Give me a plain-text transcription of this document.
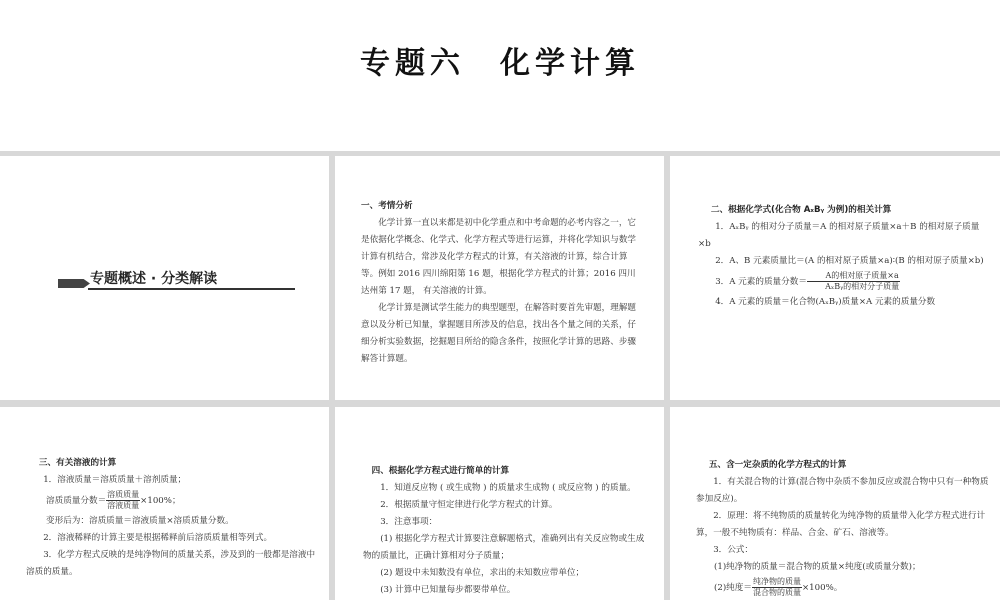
专题六　化学计算
专题概述 · 分类解读
一、考情分析
化学计算一直以来都是初中化学重点和中考命题的必考内容之一，它是依据化学概念、化学式、化学方程式等进行运算，并将化学知识与数学计算有机结合，常涉及化学方程式的计算，有关溶液的计算，综合计算等。例如 2016 四川绵阳第 16 题，根据化学方程式的计算；2016 四川达州第 17 题， 有关溶液的计算。
化学计算是测试学生能力的典型题型，在解答时要首先审题，理解题意以及分析已知量，掌握题目所涉及的信息，找出各个量之间的关系，仔细分析实验数据，挖掘题目所给的隐含条件，按照化学计算的思路、步骤解答计算题。
二、根据化学式(化合物 AₓBᵧ 为例)的相关计算
1．AₓBᵧ 的相对分子质量＝A 的相对原子质量×a＋B 的相对原子质量×b
2．A、B 元素质量比＝(A 的相对原子质量×a)∶(B 的相对原子质量×b)
3．A 元素的质量分数＝ $\frac{\text{A的相对原子质量×a}}{\text{AₓBᵧ的相对分子质量}}$
4．A 元素的质量＝化合物(AₓBᵧ)质量×A 元素的质量分数
三、有关溶液的计算
1．溶液质量＝溶质质量＋溶剂质量；
溶质质量分数＝ $\frac{\text{溶质质量}}{\text{溶液质量}} \times 100\%$；
变形后为：溶质质量＝溶液质量×溶质质量分数。
2．溶液稀释的计算主要是根据稀释前后溶质质量相等列式。
3．化学方程式反映的是纯净物间的质量关系，涉及到的一般都是溶液中溶质的质量。
四、根据化学方程式进行简单的计算
1．知道反应物 ( 或生成物 ) 的质量求生成物 ( 或反应物 ) 的质量。
2．根据质量守恒定律进行化学方程式的计算。
3．注意事项：
(1) 根据化学方程式计算要注意解题格式，准确列出有关反应物或生成物的质量比，正确计算相对分子质量；
(2) 题设中未知数没有单位，求出的未知数应带单位；
(3) 计算中已知量每步都要带单位。
五、含一定杂质的化学方程式的计算
1．有关混合物的计算(混合物中杂质不参加反应或混合物中只有一种物质参加反应)。
2．原理：将不纯物质的质量转化为纯净物的质量带入化学方程式进行计算，一般不纯物质有：样品、合金、矿石、溶液等。
3．公式：
(1)纯净物的质量＝混合物的质量×纯度(或质量分数)；
(2)纯度＝ $\frac{\text{纯净物的质量}}{\text{混合物的质量}} \times 100\%$。
